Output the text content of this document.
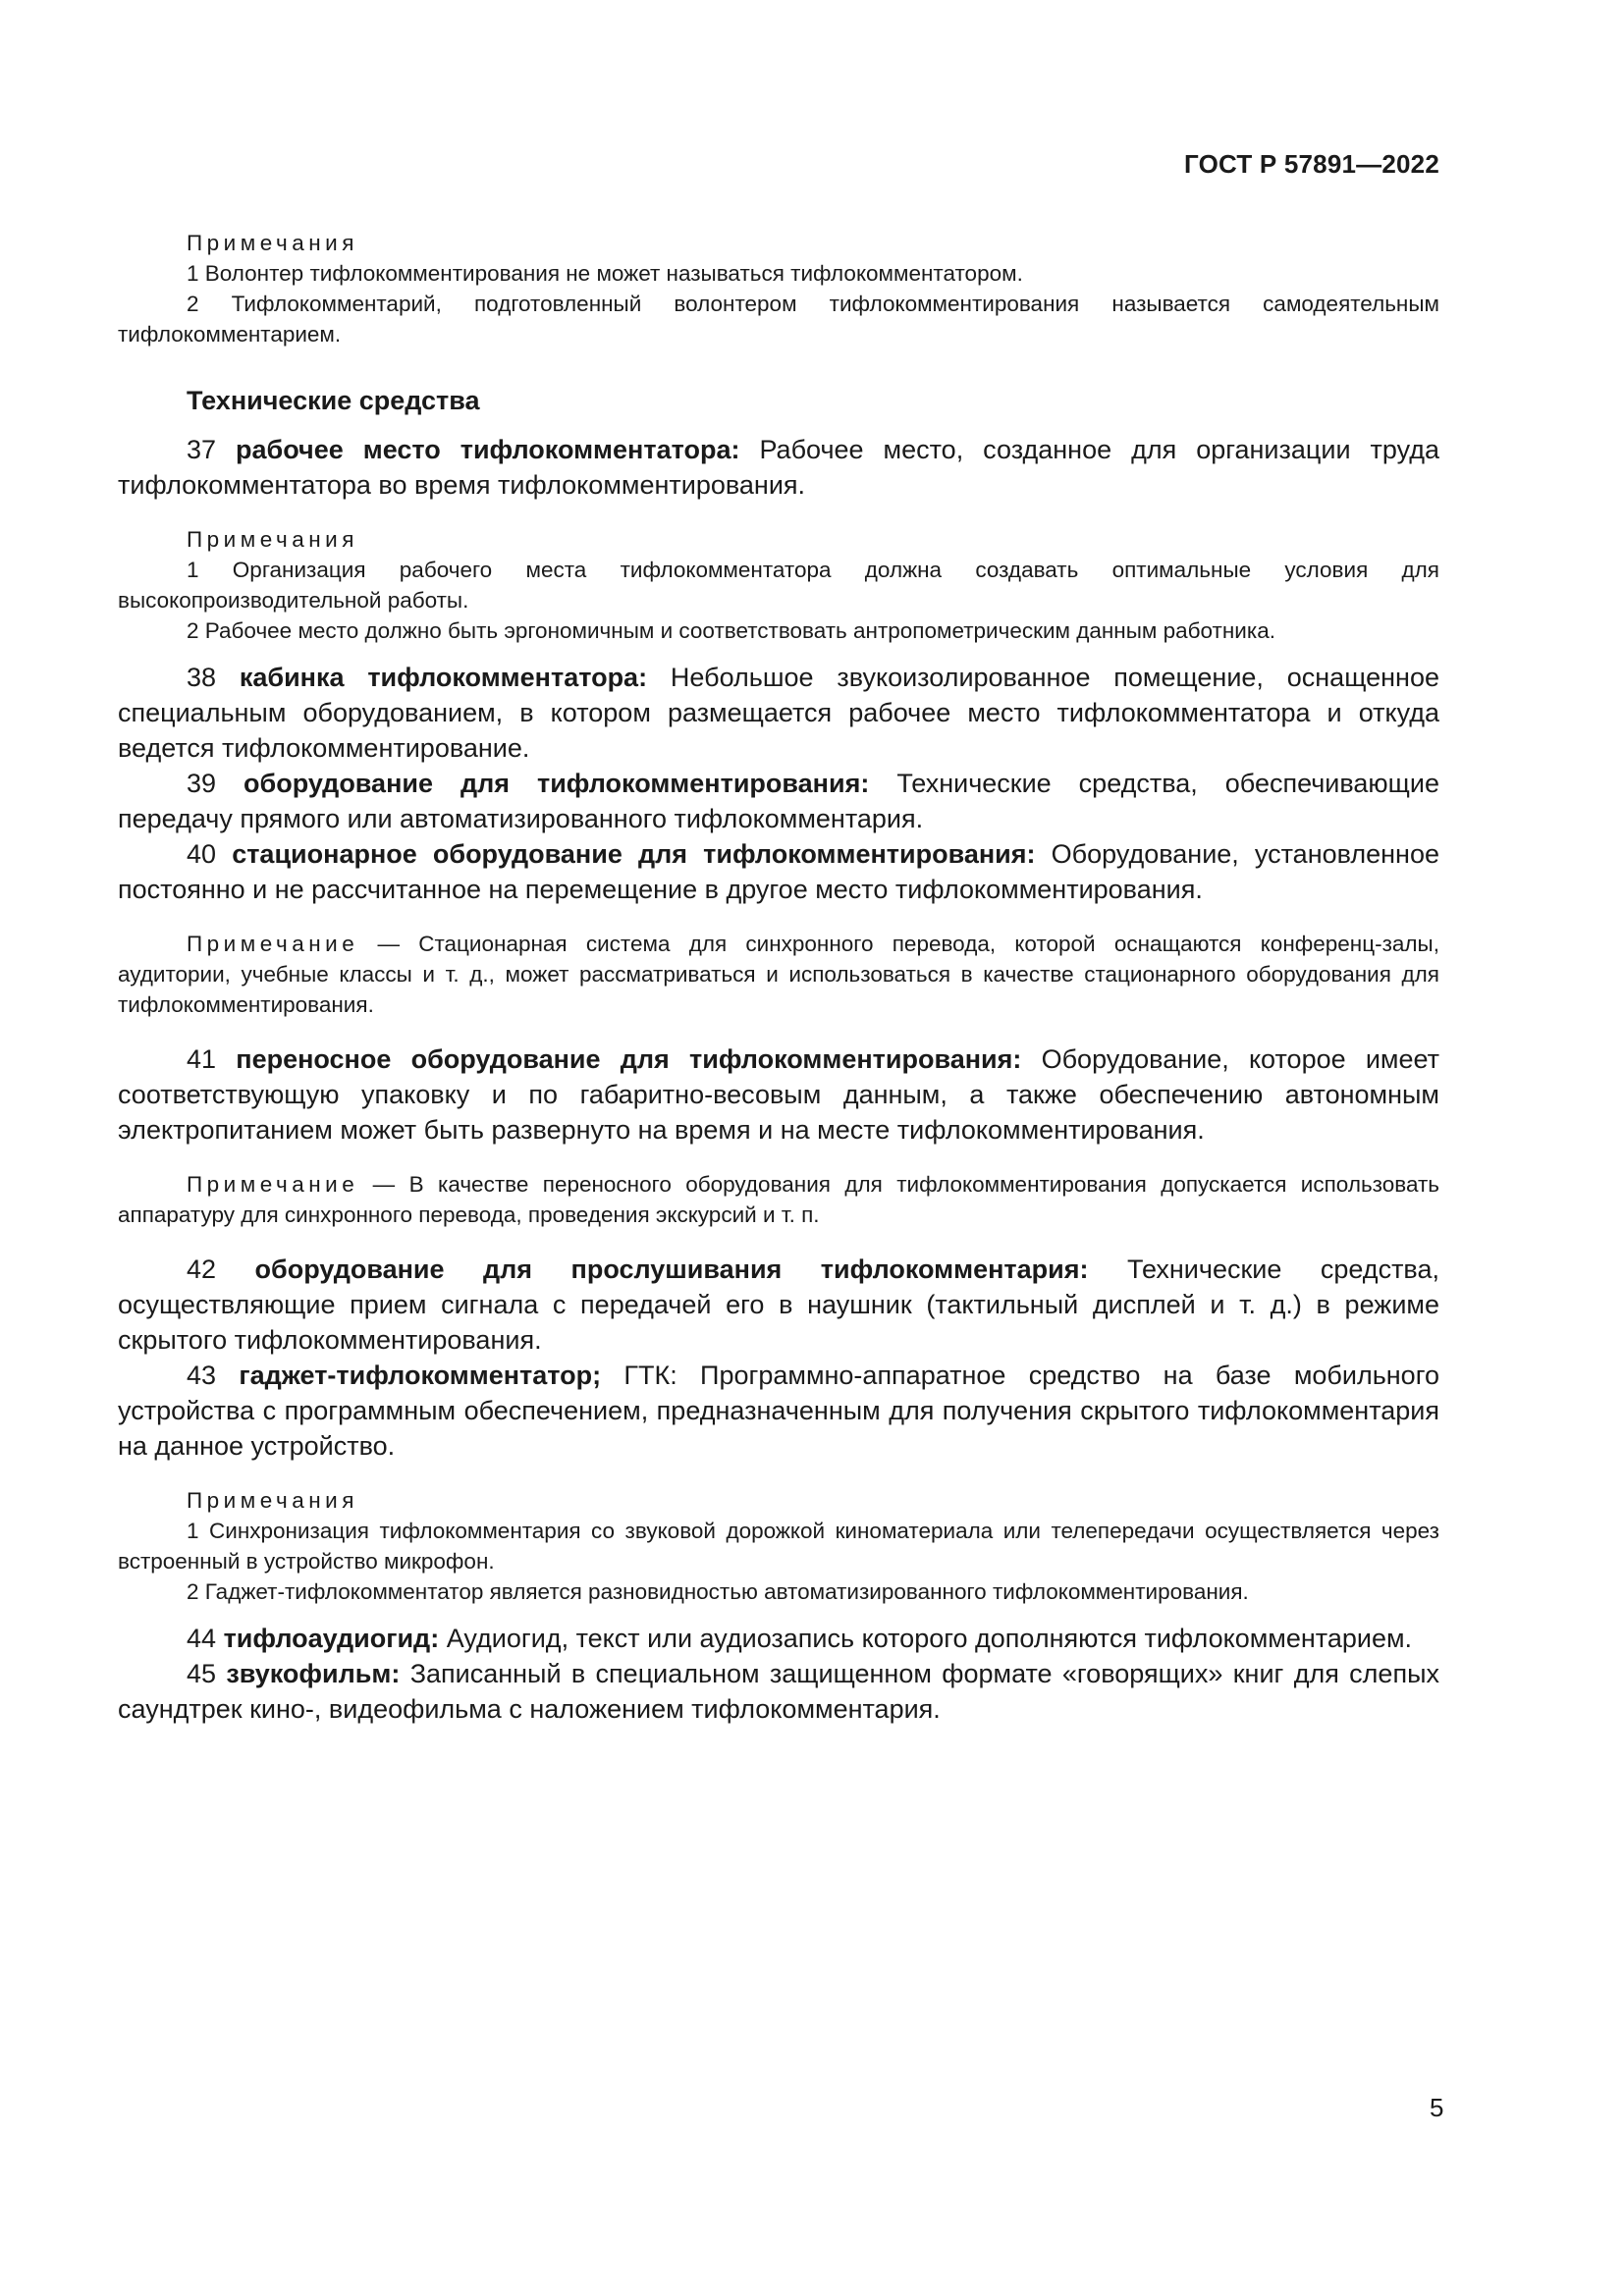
ГОСТ Р 57891—2022

Примечания

1 Волонтер тифлокомментирования не может называться тифлокомментатором.

2 Тифлокомментарий, подготовленный волонтером тифлокомментирования называется самодеятельным тифлокомментарием.

Технические средства

37 рабочее место тифлокомментатора: Рабочее место, созданное для организации труда тифлокомментатора во время тифлокомментирования.

Примечания

1 Организация рабочего места тифлокомментатора должна создавать оптимальные условия для высокопроизводительной работы.

2 Рабочее место должно быть эргономичным и соответствовать антропометрическим данным работника.

38 кабинка тифлокомментатора: Небольшое звукоизолированное помещение, оснащенное специальным оборудованием, в котором размещается рабочее место тифлокомментатора и откуда ведется тифлокомментирование.

39 оборудование для тифлокомментирования: Технические средства, обеспечивающие передачу прямого или автоматизированного тифлокомментария.

40 стационарное оборудование для тифлокомментирования: Оборудование, установленное постоянно и не рассчитанное на перемещение в другое место тифлокомментирования.

Примечание — Стационарная система для синхронного перевода, которой оснащаются конференц-залы, аудитории, учебные классы и т. д., может рассматриваться и использоваться в качестве стационарного оборудования для тифлокомментирования.

41 переносное оборудование для тифлокомментирования: Оборудование, которое имеет соответствующую упаковку и по габаритно-весовым данным, а также обеспечению автономным электропитанием может быть развернуто на время и на месте тифлокомментирования.

Примечание — В качестве переносного оборудования для тифлокомментирования допускается использовать аппаратуру для синхронного перевода, проведения экскурсий и т. п.

42 оборудование для прослушивания тифлокомментария: Технические средства, осуществляющие прием сигнала с передачей его в наушник (тактильный дисплей и т. д.) в режиме скрытого тифлокомментирования.

43 гаджет-тифлокомментатор; ГТК: Программно-аппаратное средство на базе мобильного устройства с программным обеспечением, предназначенным для получения скрытого тифлокомментария на данное устройство.

Примечания

1 Синхронизация тифлокомментария со звуковой дорожкой киноматериала или телепередачи осуществляется через встроенный в устройство микрофон.

2 Гаджет-тифлокомментатор является разновидностью автоматизированного тифлокомментирования.

44 тифлоаудиогид: Аудиогид, текст или аудиозапись которого дополняются тифлокомментарием.

45 звукофильм: Записанный в специальном защищенном формате «говорящих» книг для слепых саундтрек кино-, видеофильма с наложением тифлокомментария.

5
